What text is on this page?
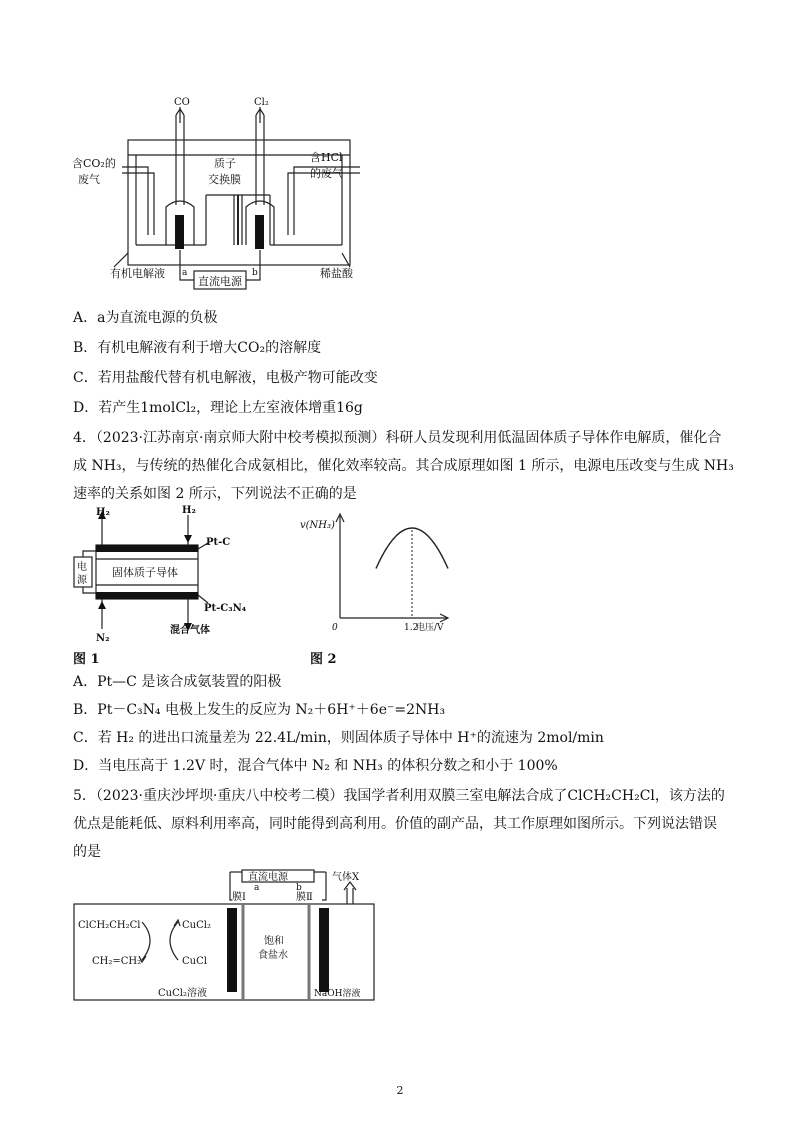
CO	Cl₂
含CO₂的
废气
质子
交换膜
含HCl
的废气
有机电解液	稀盐酸
直流电源
a	b
A．a为直流电源的负极
B．有机电解液有利于增大CO₂的溶解度
C．若用盐酸代替有机电解液，电极产物可能改变
D．若产生1molCl₂，理论上左室液体增重16g
4．（2023·江苏南京·南京师大附中校考模拟预测）科研人员发现利用低温固体质子导体作电解质，催化合
成 NH₃，与传统的热催化合成氨相比，催化效率较高。其合成原理如图 1 所示，电源电压改变与生成 NH₃
速率的关系如图 2 所示，下列说法不正确的是
H₂	H₂
Pt-C
电
源
固体质子导体
Pt-C₃N₄
N₂
混合气体
图 1
1.2
v(NH₃)
0	电压/V
图 2
A．Pt—C 是该合成氨装置的阳极
B．Pt－C₃N₄ 电极上发生的反应为 N₂＋6H⁺＋6e⁻=2NH₃
C．若 H₂ 的进出口流量差为 22.4L/min，则固体质子导体中 H⁺的流速为 2mol/min
D．当电压高于 1.2V 时，混合气体中 N₂ 和 NH₃ 的体积分数之和小于 100%
5．（2023·重庆沙坪坝·重庆八中校考二模）我国学者利用双膜三室电解法合成了ClCH₂CH₂Cl，该方法的
优点是能耗低、原料利用率高，同时能得到高利用。价值的副产品，其工作原理如图所示。下列说法错误
的是
直流电源
a	b
气体X
膜Ⅰ	膜Ⅱ
ClCH₂CH₂Cl	CuCl₂
CH₂=CH₂	CuCl
饱和
食盐水
CuCl₂溶液	NaOH溶液
2
